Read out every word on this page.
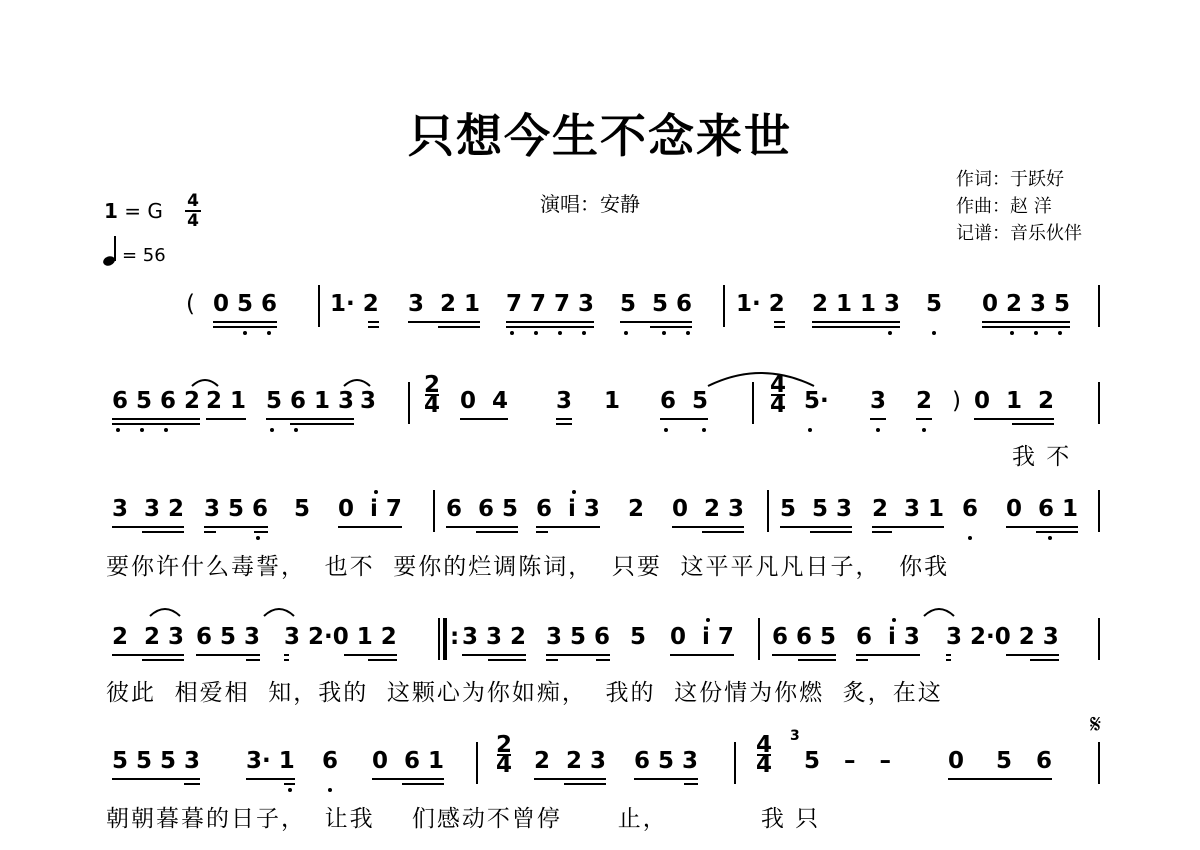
只想今生不念来世
演唱：安静
作词：于跃好
作曲：赵 洋
记谱：音乐伙伴
1 = G 4
4
= 56
( 0 5 6 1· 2 3  2 1 7 7 7 3 5  5 6 1· 2 2 1 1 3 5 0 2 3 5
6 5 6 2 2 1 5 6 1 3 3
2
4 0  4 3 1 6  5
4
4 5· 3 2 ) 0  1  2
我 不
3  3 2 3 5 6 5 0  i 7 6  6 5 6  i 3 2 0  2 3 5  5 3 2  3 1 6 0  6 1
要你许什么毒誓，  也不  要你的烂调陈词，  只要  这平平凡凡日子，  你我
2  2 3 6 5 3 3 2·0 1 2 : 3 3 2 3 5 6 5 0  i 7 6 6 5 6  i 3 3 2·0 2 3
彼此  相爱相  知，我的  这颗心为你如痴，  我的  这份情为你燃  炙，在这
𝄋
5 5 5 3 3· 1 6 0  6 1
2
4 2  2 3 6 5 3
4
4
3
5   –   – 0    5   6
朝朝暮暮的日子，  让我    们感动不曾停      止，          我 只
